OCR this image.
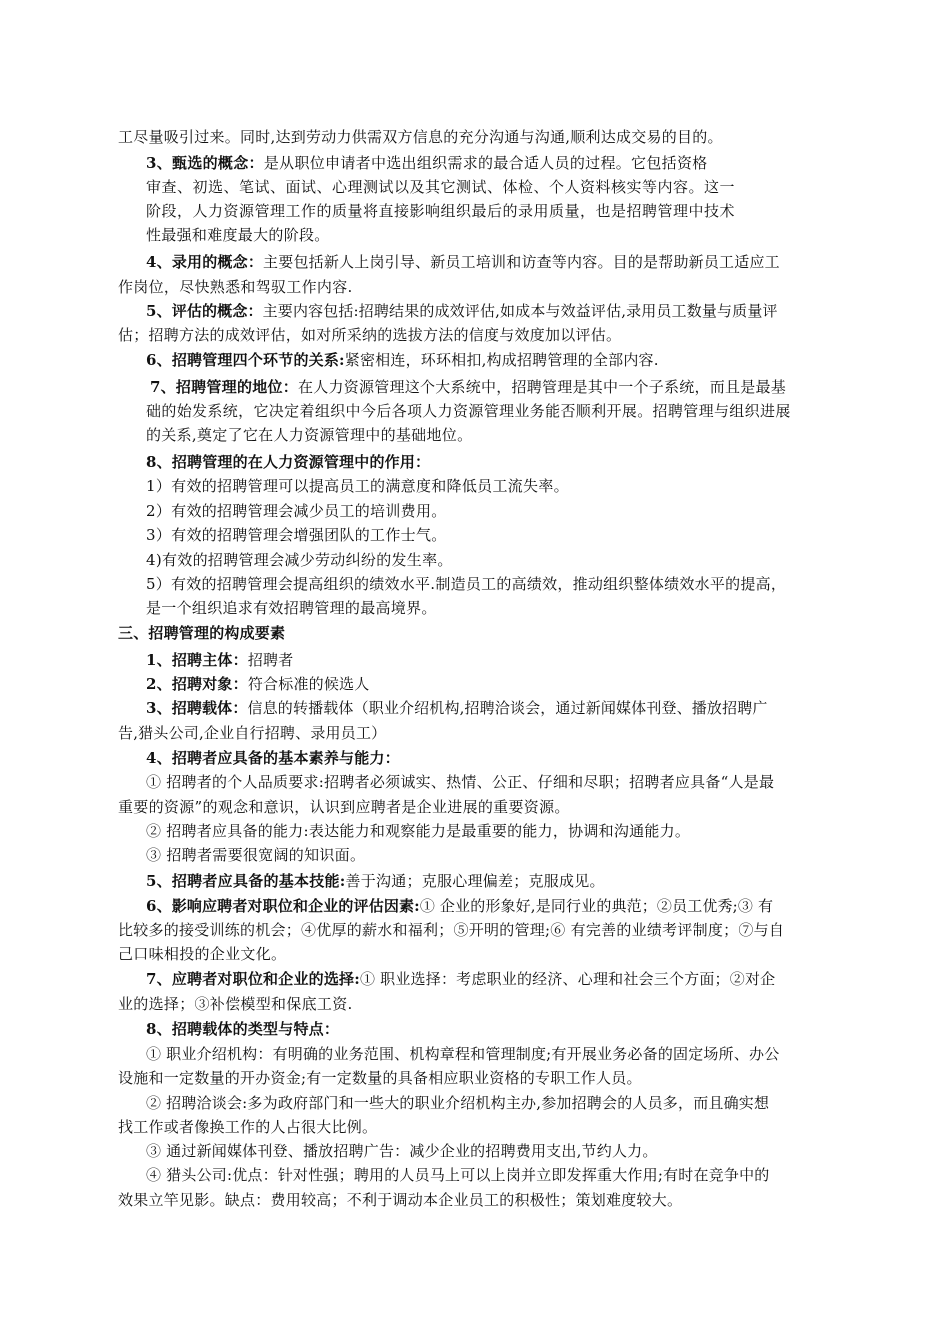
工尽量吸引过来。同时,达到劳动力供需双方信息的充分沟通与沟通,顺利达成交易的目的。
3、甄选的概念：是从职位申请者中选出组织需求的最合适人员的过程。它包括资格
审查、初选、笔试、面试、心理测试以及其它测试、体检、个人资料核实等内容。这一
阶段，人力资源管理工作的质量将直接影响组织最后的录用质量，也是招聘管理中技术
性最强和难度最大的阶段。
4、录用的概念：主要包括新人上岗引导、新员工培训和访查等内容。目的是帮助新员工适应工
作岗位，尽快熟悉和驾驭工作内容.
5、评估的概念：主要内容包括:招聘结果的成效评估,如成本与效益评估,录用员工数量与质量评
估；招聘方法的成效评估，如对所采纳的选拔方法的信度与效度加以评估。
6、招聘管理四个环节的关系:紧密相连，环环相扣,构成招聘管理的全部内容.
7、招聘管理的地位：在人力资源管理这个大系统中，招聘管理是其中一个子系统，而且是最基
础的始发系统，它决定着组织中今后各项人力资源管理业务能否顺利开展。招聘管理与组织进展
的关系,奠定了它在人力资源管理中的基础地位。
8、招聘管理的在人力资源管理中的作用：
1）有效的招聘管理可以提高员工的满意度和降低员工流失率。
2）有效的招聘管理会减少员工的培训费用。
3）有效的招聘管理会增强团队的工作士气。
4)有效的招聘管理会减少劳动纠纷的发生率。
5）有效的招聘管理会提高组织的绩效水平.制造员工的高绩效，推动组织整体绩效水平的提高，
是一个组织追求有效招聘管理的最高境界。
三、招聘管理的构成要素
1、招聘主体：招聘者
2、招聘对象：符合标准的候选人
3、招聘载体：信息的转播载体（职业介绍机构,招聘洽谈会，通过新闻媒体刊登、播放招聘广
告,猎头公司,企业自行招聘、录用员工）
4、招聘者应具备的基本素养与能力：
① 招聘者的个人品质要求:招聘者必须诚实、热情、公正、仔细和尽职；招聘者应具备“人是最
重要的资源”的观念和意识，认识到应聘者是企业进展的重要资源。
② 招聘者应具备的能力:表达能力和观察能力是最重要的能力，协调和沟通能力。
③ 招聘者需要很宽阔的知识面。
5、招聘者应具备的基本技能:善于沟通；克服心理偏差；克服成见。
6、影响应聘者对职位和企业的评估因素:① 企业的形象好,是同行业的典范；②员工优秀;③ 有
比较多的接受训练的机会；④优厚的薪水和福利；⑤开明的管理;⑥ 有完善的业绩考评制度；⑦与自
己口味相投的企业文化。
7、应聘者对职位和企业的选择:① 职业选择：考虑职业的经济、心理和社会三个方面；②对企
业的选择；③补偿模型和保底工资.
8、招聘载体的类型与特点：
① 职业介绍机构：有明确的业务范围、机构章程和管理制度;有开展业务必备的固定场所、办公
设施和一定数量的开办资金;有一定数量的具备相应职业资格的专职工作人员。
② 招聘洽谈会:多为政府部门和一些大的职业介绍机构主办,参加招聘会的人员多，而且确实想
找工作或者像换工作的人占很大比例。
③ 通过新闻媒体刊登、播放招聘广告：减少企业的招聘费用支出,节约人力。
④ 猎头公司:优点：针对性强；聘用的人员马上可以上岗并立即发挥重大作用;有时在竞争中的
效果立竿见影。缺点：费用较高；不利于调动本企业员工的积极性；策划难度较大。
